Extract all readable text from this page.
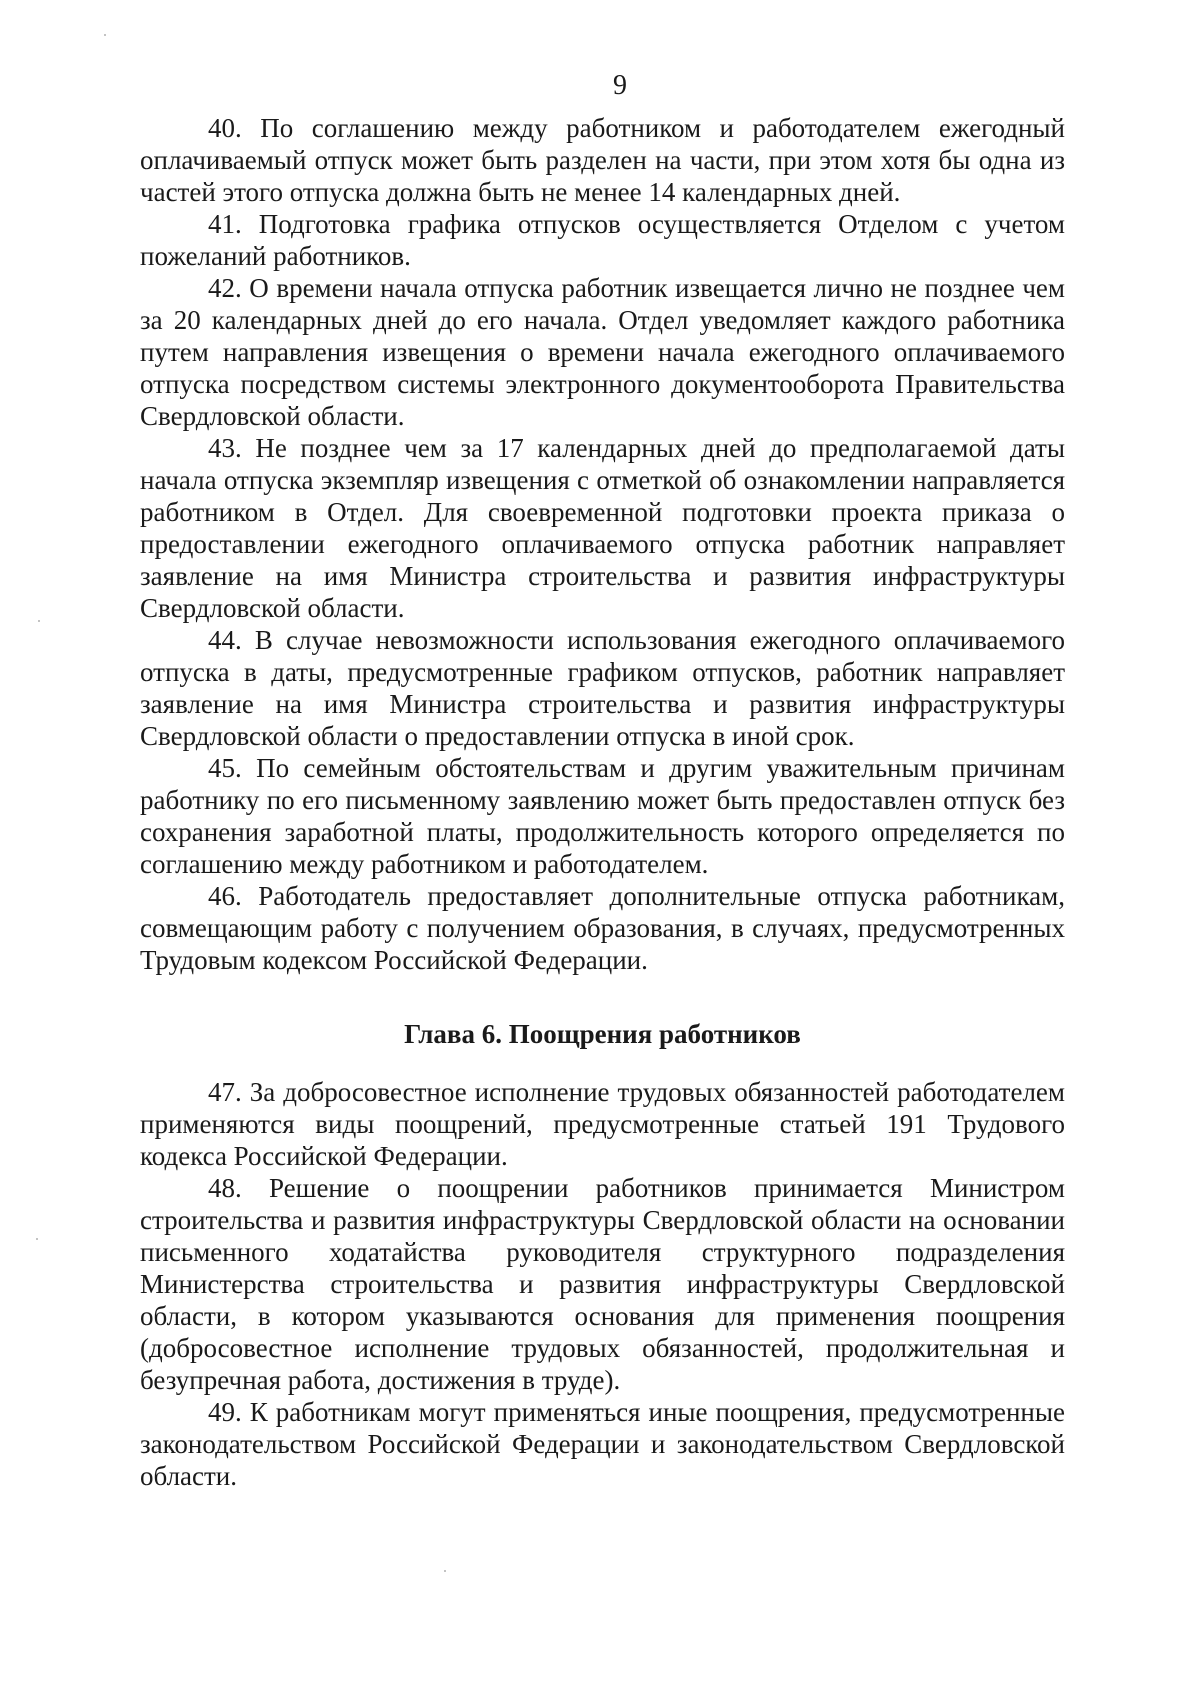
9

40. По соглашению между работником и работодателем ежегодный оплачиваемый отпуск может быть разделен на части, при этом хотя бы одна из частей этого отпуска должна быть не менее 14 календарных дней.

41. Подготовка графика отпусков осуществляется Отделом с учетом пожеланий работников.

42. О времени начала отпуска работник извещается лично не позднее чем за 20 календарных дней до его начала. Отдел уведомляет каждого работника путем направления извещения о времени начала ежегодного оплачиваемого отпуска посредством системы электронного документооборота Правительства Свердловской области.

43. Не позднее чем за 17 календарных дней до предполагаемой даты начала отпуска экземпляр извещения с отметкой об ознакомлении направляется работником в Отдел. Для своевременной подготовки проекта приказа о предоставлении ежегодного оплачиваемого отпуска работник направляет заявление на имя Министра строительства и развития инфраструктуры Свердловской области.

44. В случае невозможности использования ежегодного оплачиваемого отпуска в даты, предусмотренные графиком отпусков, работник направляет заявление на имя Министра строительства и развития инфраструктуры Свердловской области о предоставлении отпуска в иной срок.

45. По семейным обстоятельствам и другим уважительным причинам работнику по его письменному заявлению может быть предоставлен отпуск без сохранения заработной платы, продолжительность которого определяется по соглашению между работником и работодателем.

46. Работодатель предоставляет дополнительные отпуска работникам, совмещающим работу с получением образования, в случаях, предусмотренных Трудовым кодексом Российской Федерации.

Глава 6. Поощрения работников

47. За добросовестное исполнение трудовых обязанностей работодателем применяются виды поощрений, предусмотренные статьей 191 Трудового кодекса Российской Федерации.

48. Решение о поощрении работников принимается Министром строительства и развития инфраструктуры Свердловской области на основании письменного ходатайства руководителя структурного подразделения Министерства строительства и развития инфраструктуры Свердловской области, в котором указываются основания для применения поощрения (добросовестное исполнение трудовых обязанностей, продолжительная и безупречная работа, достижения в труде).

49. К работникам могут применяться иные поощрения, предусмотренные законодательством Российской Федерации и законодательством Свердловской области.
